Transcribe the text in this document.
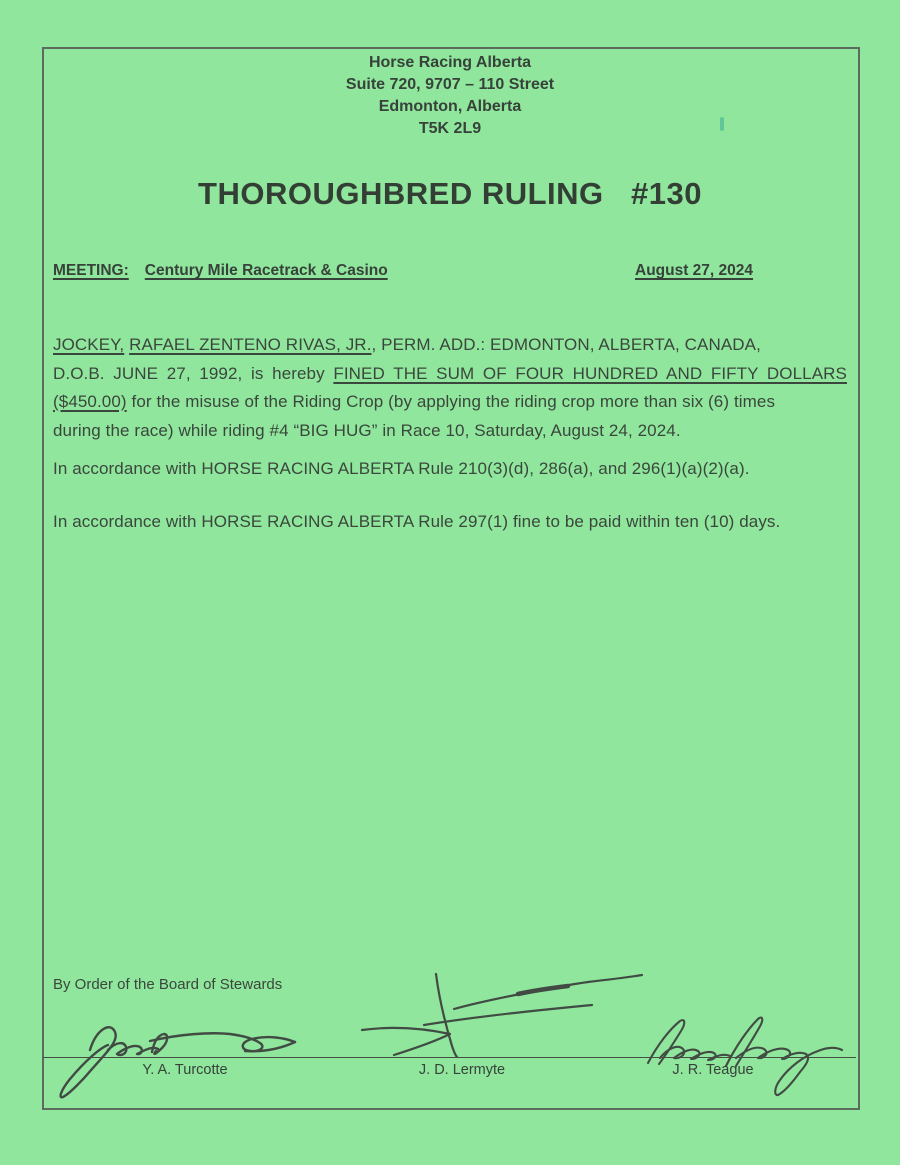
Horse Racing Alberta
Suite 720, 9707 – 110 Street
Edmonton, Alberta
T5K 2L9
THOROUGHBRED RULING   #130
MEETING: Century Mile Racetrack & Casino	August 27, 2024
JOCKEY, RAFAEL ZENTENO RIVAS, JR., PERM. ADD.: EDMONTON, ALBERTA, CANADA,
D.O.B. JUNE 27, 1992, is hereby FINED THE SUM OF FOUR HUNDRED AND FIFTY DOLLARS
($450.00) for the misuse of the Riding Crop (by applying the riding crop more than six (6) times
during the race) while riding #4 “BIG HUG” in Race 10, Saturday, August 24, 2024.
In accordance with HORSE RACING ALBERTA Rule 210(3)(d), 286(a), and 296(1)(a)(2)(a).
In accordance with HORSE RACING ALBERTA Rule 297(1) fine to be paid within ten (10) days.
By Order of the Board of Stewards
Y. A. Turcotte	J. D. Lermyte	J. R. Teague
